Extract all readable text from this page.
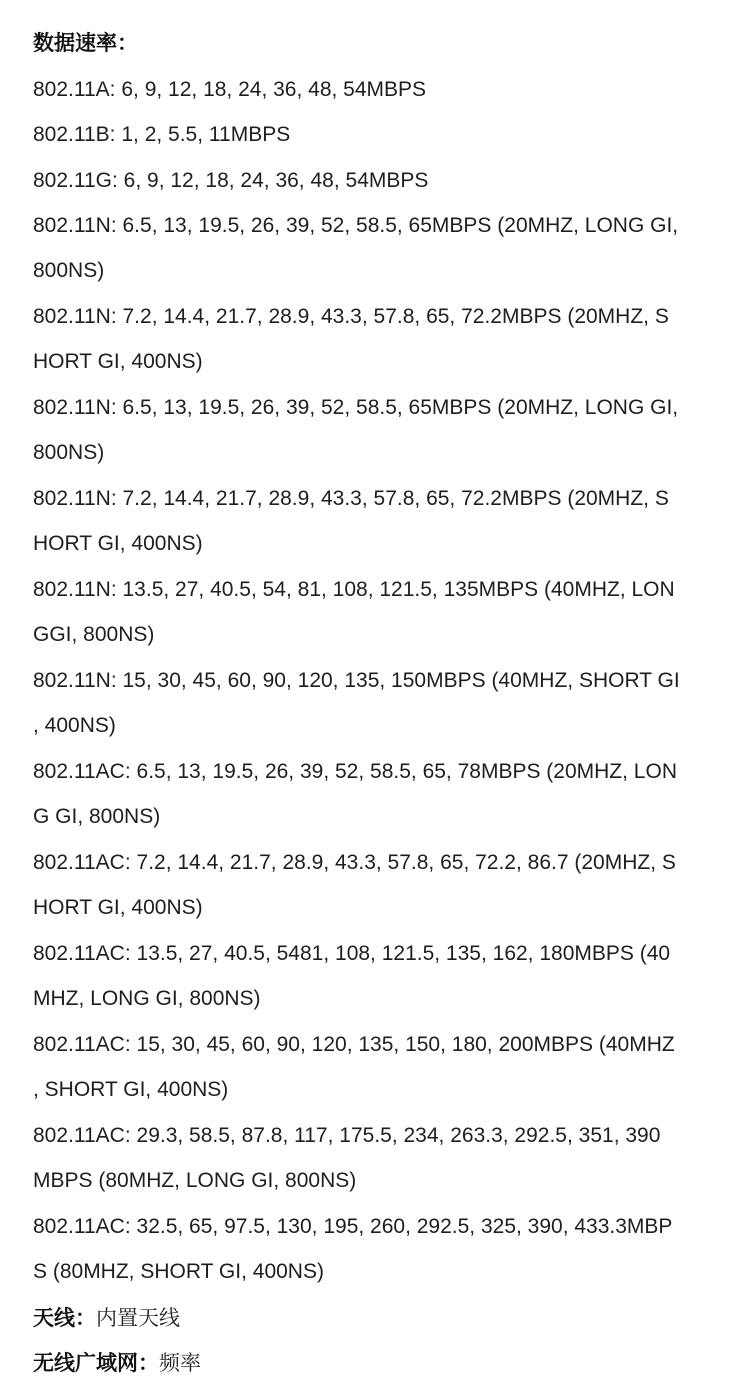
数据速率：
802.11A: 6, 9, 12, 18, 24, 36, 48, 54MBPS
802.11B: 1, 2, 5.5, 11MBPS
802.11G: 6, 9, 12, 18, 24, 36, 48, 54MBPS
802.11N: 6.5, 13, 19.5, 26, 39, 52, 58.5, 65MBPS (20MHZ, LONG GI,
800NS)
802.11N: 7.2, 14.4, 21.7, 28.9, 43.3, 57.8, 65, 72.2MBPS (20MHZ, S
HORT GI, 400NS)
802.11N: 6.5, 13, 19.5, 26, 39, 52, 58.5, 65MBPS (20MHZ, LONG GI,
800NS)
802.11N: 7.2, 14.4, 21.7, 28.9, 43.3, 57.8, 65, 72.2MBPS (20MHZ, S
HORT GI, 400NS)
802.11N: 13.5, 27, 40.5, 54, 81, 108, 121.5, 135MBPS (40MHZ, LON
GGI, 800NS)
802.11N: 15, 30, 45, 60, 90, 120, 135, 150MBPS (40MHZ, SHORT GI
, 400NS)
802.11AC: 6.5, 13, 19.5, 26, 39, 52, 58.5, 65, 78MBPS (20MHZ, LON
G GI, 800NS)
802.11AC: 7.2, 14.4, 21.7, 28.9, 43.3, 57.8, 65, 72.2, 86.7 (20MHZ, S
HORT GI, 400NS)
802.11AC: 13.5, 27, 40.5, 5481, 108, 121.5, 135, 162, 180MBPS (40
MHZ, LONG GI, 800NS)
802.11AC: 15, 30, 45, 60, 90, 120, 135, 150, 180, 200MBPS (40MHZ
, SHORT GI, 400NS)
802.11AC: 29.3, 58.5, 87.8, 117, 175.5, 234, 263.3, 292.5, 351, 390
MBPS (80MHZ, LONG GI, 800NS)
802.11AC: 32.5, 65, 97.5, 130, 195, 260, 292.5, 325, 390, 433.3MBP
S (80MHZ, SHORT GI, 400NS)
天线：内置天线
无线广域网：频率
